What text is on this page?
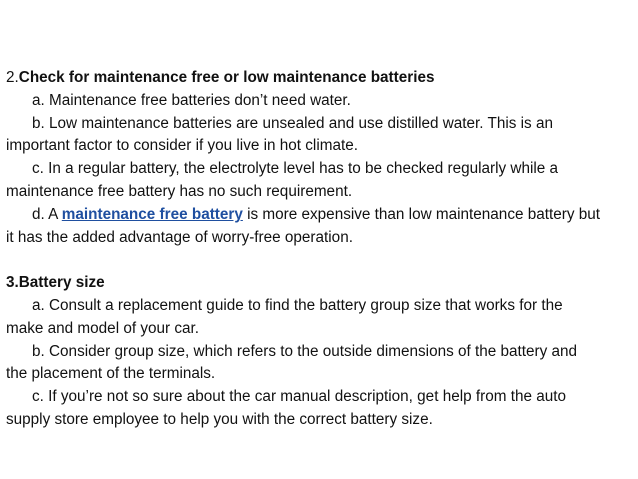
2.Check for maintenance free or low maintenance batteries
a. Maintenance free batteries don’t need water.
b. Low maintenance batteries are unsealed and use distilled water. This is an
important factor to consider if you live in hot climate.
c. In a regular battery, the electrolyte level has to be checked regularly while a
maintenance free battery has no such requirement.
d. A maintenance free battery is more expensive than low maintenance battery but
it has the added advantage of worry-free operation.
3.Battery size
a. Consult a replacement guide to find the battery group size that works for the
make and model of your car.
b. Consider group size, which refers to the outside dimensions of the battery and
the placement of the terminals.
c. If you’re not so sure about the car manual description, get help from the auto
supply store employee to help you with the correct battery size.
